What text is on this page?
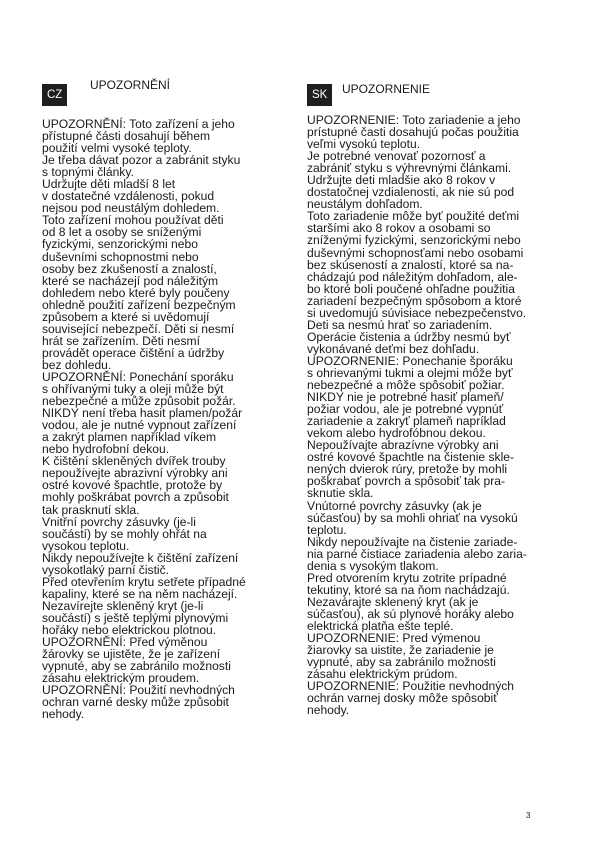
CZ
UPOZORNĚNÍ

UPOZORNĚNÍ: Toto zařízení a jeho

přístupné části dosahují během

použití velmi vysoké teploty.

Je třeba dávat pozor a zabránit styku

s topnými články.

Udržujte děti mladší 8 let

v dostatečné vzdálenosti, pokud

nejsou pod neustálým dohledem.

Toto zařízení mohou používat děti

od 8 let a osoby se sníženými

fyzickými, senzorickými nebo

duševními schopnostmi nebo

osoby bez zkušeností a znalostí,

které se nacházejí pod náležitým

dohledem nebo které byly poučeny

ohledně použití zařízení bezpečným

způsobem a které si uvědomují

související nebezpečí. Děti si nesmí

hrát se zařízením. Děti nesmí

provádět operace čištění a údržby

bez dohledu.

UPOZORNĚNÍ: Ponechání sporáku

s ohřívanými tuky a oleji může být

nebezpečné a může způsobit požár.

NIKDY není třeba hasit plamen/požár

vodou, ale je nutné vypnout zařízení

a zakrýt plamen například víkem

nebo hydrofobní dekou.

K čištění skleněných dvířek trouby

nepoužívejte abrazivní výrobky ani

ostré kovové špachtle, protože by

mohly poškrábat povrch a způsobit

tak prasknutí skla.

Vnitřní povrchy zásuvky (je-li

součástí) by se mohly ohřát na

vysokou teplotu.

Nikdy nepoužívejte k čištění zařízení

vysokotlaký parní čistič.

Před otevřením krytu setřete případné

kapaliny, které se na něm nacházejí.

Nezavírejte skleněný kryt (je-li

součástí) s ještě teplými plynovými

hořáky nebo elektrickou plotnou.

UPOZORNĚNÍ: Před výměnou

žárovky se ujistěte, že je zařízení

vypnuté, aby se zabránilo možnosti

zásahu elektrickým proudem.

UPOZORNĚNÍ: Použití nevhodných

ochran varné desky může způsobit

nehody.

SK	UPOZORNENIE

UPOZORNENIE: Toto zariadenie a jeho

prístupné časti dosahujú počas použitia

veľmi vysokú teplotu.

Je potrebné venovať pozornosť a

zabrániť styku s výhrevnými článkami.

Udržujte deti mladšie ako 8 rokov v

dostatočnej vzdialenosti, ak nie sú pod

neustálym dohľadom.

Toto zariadenie môže byť použité deťmi

staršími ako 8 rokov a osobami so

zníženými fyzickými, senzorickými nebo

duševnými schopnosťami nebo osobami

bez skúseností a znalostí, ktoré sa na-

chádzajú pod náležitým dohľadom, ale-

bo ktoré boli poučené ohľadne použitia

zariadení bezpečným spôsobom a ktoré

si uvedomujú súvisiace nebezpečenstvo.

Deti sa nesmú hrať so zariadením.

Operácie čistenia a údržby nesmú byť

vykonávané deťmi bez dohľadu.

UPOZORNENIE: Ponechanie šporáku

s ohrievanými tukmi a olejmi môže byť

nebezpečné a môže spôsobiť požiar.

NIKDY nie je potrebné hasiť plameň/

požiar vodou, ale je potrebné vypnúť

zariadenie a zakryť plameň napríklad

vekom alebo hydrofóbnou dekou.

Nepoužívajte abrazívne výrobky ani

ostré kovové špachtle na čistenie skle-

nených dvierok rúry, pretože by mohli

poškrabať povrch a spôsobiť tak pra-

sknutie skla.

Vnútorné povrchy zásuvky (ak je

súčasťou) by sa mohli ohriať na vysokú

teplotu.

Nikdy nepoužívajte na čistenie zariade-

nia parné čistiace zariadenia alebo zaria-

denia s vysokým tlakom.

Pred otvorením krytu zotrite prípadné

tekutiny, ktoré sa na ňom nachádzajú.

Nezavárajte sklenený kryt (ak je

súčasťou), ak sú plynové horáky alebo

elektrická platňa ešte teplé.

UPOZORNENIE: Pred výmenou

žiarovky sa uistite, že zariadenie je

vypnuté, aby sa zabránilo možnosti

zásahu elektrickým prúdom.

UPOZORNENIE: Použitie nevhodných

ochrán varnej dosky môže spôsobiť

nehody.

3
